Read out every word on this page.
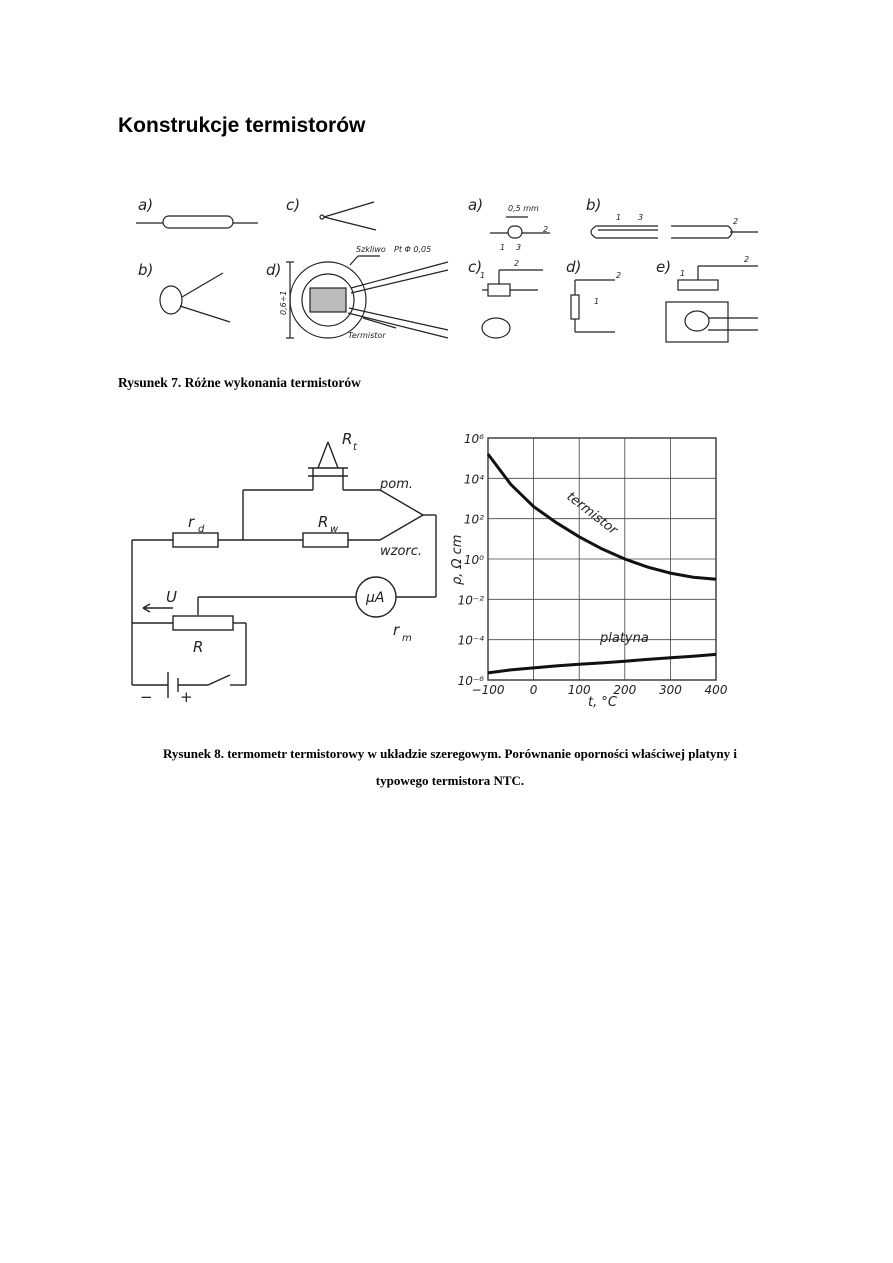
Konstrukcje termistorów
a)
b)
c)
d)
a)	b)
c)	d)	e)
Szkliwo Pt Φ 0,05
Termistor
0,6÷1
0,5 mm
1
2
3
1 3	2
1
2
1
2	1
2
Rysunek 7. Różne wykonania termistorów
R t
r d	R w
pom.
wzorc.
μA
r m
U
R
− +
10⁶
10⁴
10²
10⁰
10⁻²
10⁻⁴
10⁻⁶
−100 0	100 200 300 400
ρ, Ω cm
t, °C
termistor
platyna
Rysunek 8. termometr termistorowy w układzie szeregowym. Porównanie oporności właściwej platyny i
typowego termistora NTC.
